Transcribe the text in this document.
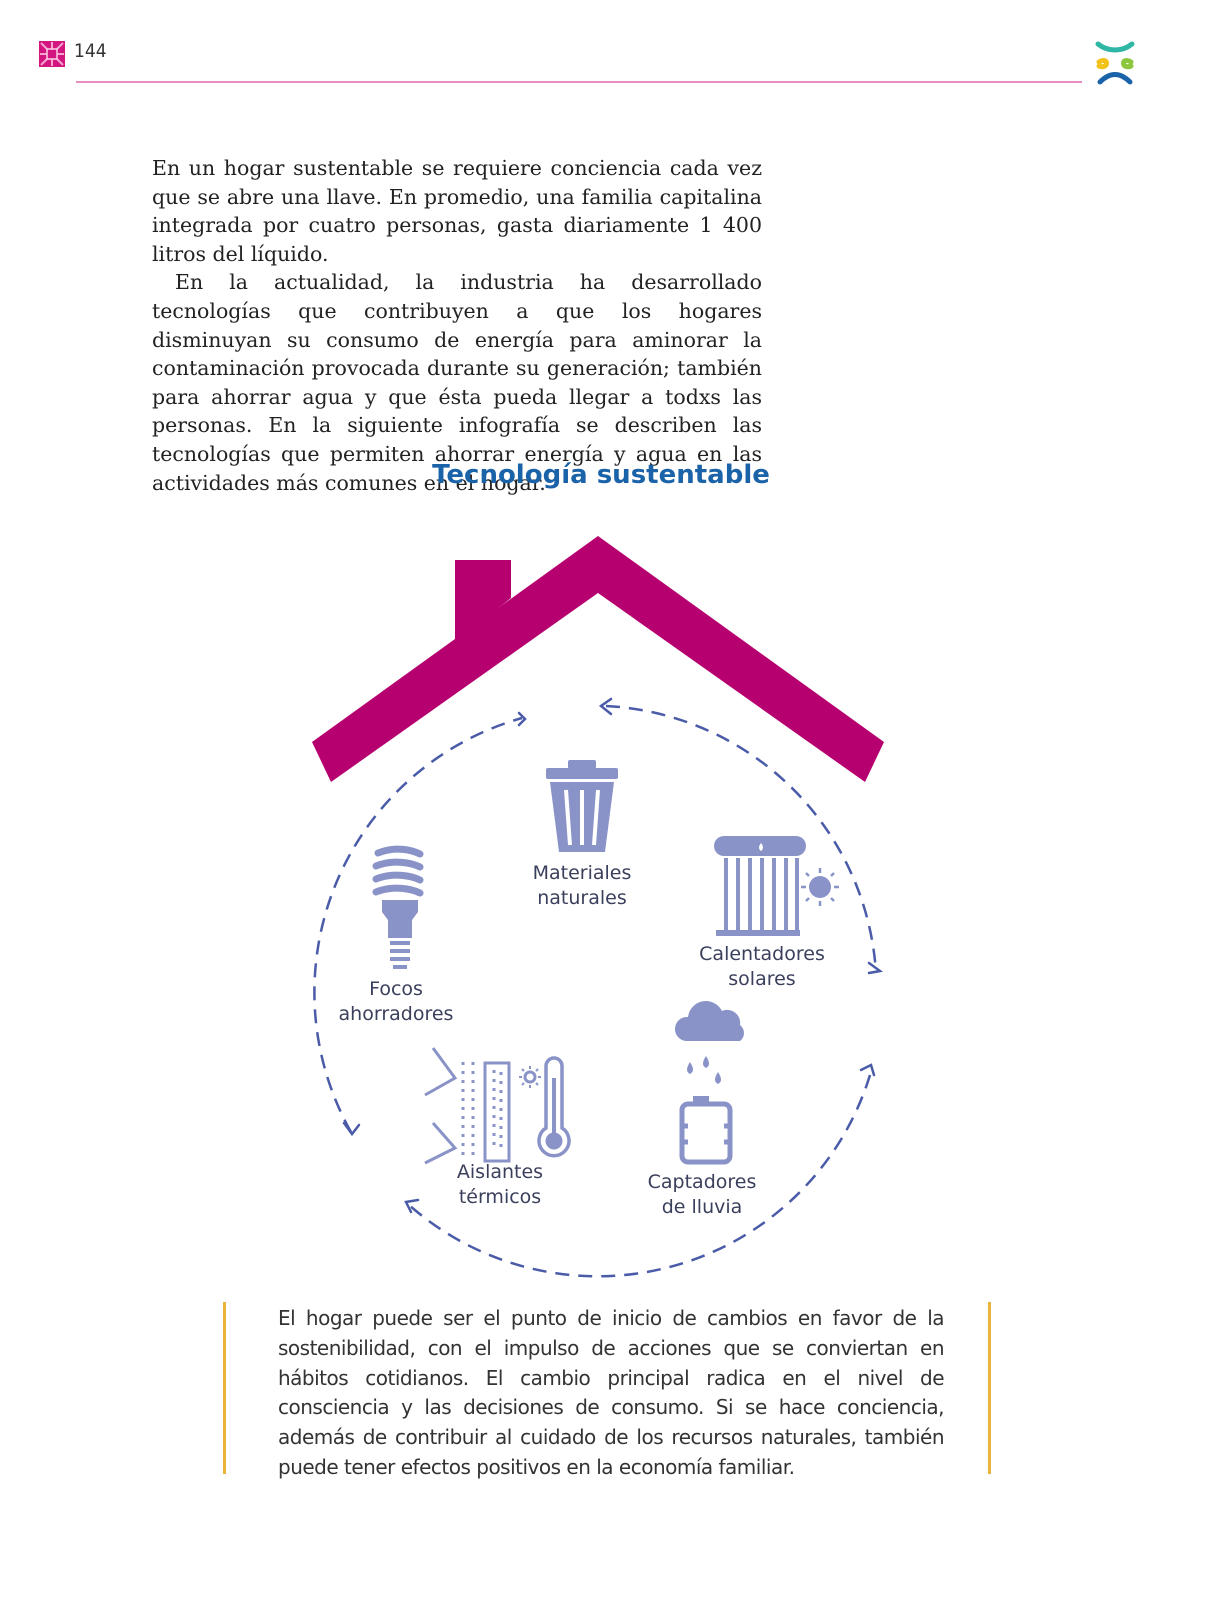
144

En un hogar sustentable se requiere conciencia cada vez que se abre una llave. En promedio, una familia capitalina integrada por cuatro personas, gasta diariamente 1 400 litros del líquido.

En la actualidad, la industria ha desarrollado tecnologías que contribuyen a que los hogares disminuyan su consumo de energía para aminorar la contaminación provocada durante su generación; también para ahorrar agua y que ésta pueda llegar a todxs las personas. En la siguiente infografía se describen las tecnologías que permiten ahorrar energía y agua en las actividades más comunes en el hogar.

Tecnología sustentable
Materiales
naturales
Calentadores
solares
Focos
ahorradores
Aislantes
térmicos
Captadores
de lluvia

El hogar puede ser el punto de inicio de cambios en favor de la sostenibilidad, con el impulso de acciones que se conviertan en hábitos cotidianos. El cambio principal radica en el nivel de consciencia y las decisiones de consumo. Si se hace conciencia, además de contribuir al cuidado de los recursos naturales, también puede tener efectos positivos en la economía familiar.
